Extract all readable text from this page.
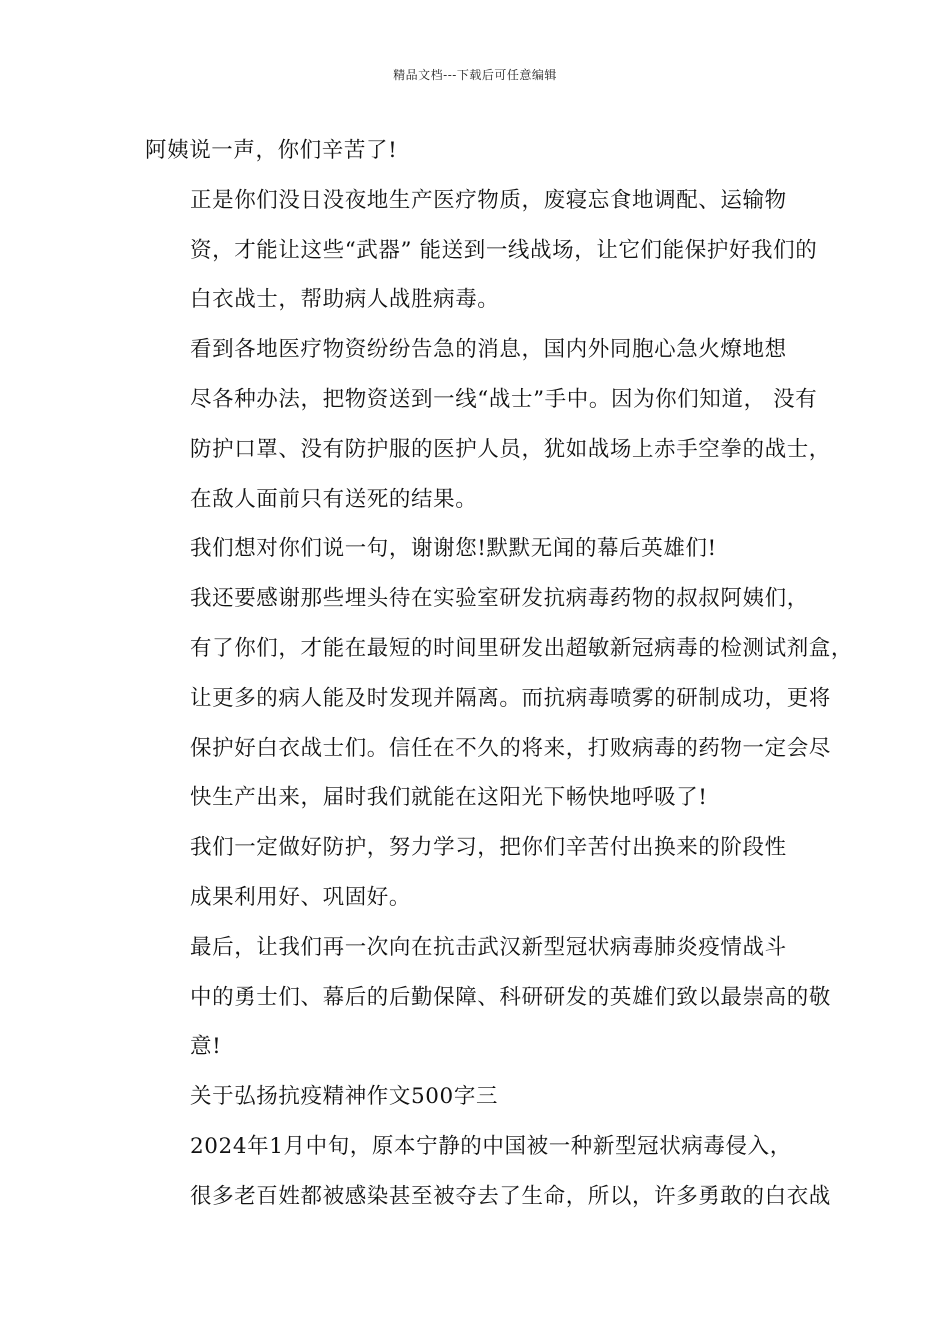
精品文档---下载后可任意编辑

阿姨说一声，你们辛苦了!

正是你们没日没夜地生产医疗物质，废寝忘食地调配、运输物
资，才能让这些“武器” 能送到一线战场，让它们能保护好我们的
白衣战士，帮助病人战胜病毒。

看到各地医疗物资纷纷告急的消息，国内外同胞心急火燎地想
尽各种办法，把物资送到一线“战士”手中。因为你们知道， 没有
防护口罩、没有防护服的医护人员，犹如战场上赤手空拳的战士，
在敌人面前只有送死的结果。

我们想对你们说一句，谢谢您!默默无闻的幕后英雄们!

我还要感谢那些埋头待在实验室研发抗病毒药物的叔叔阿姨们，
有了你们，才能在最短的时间里研发出超敏新冠病毒的检测试剂盒，
让更多的病人能及时发现并隔离。而抗病毒喷雾的研制成功，更将
保护好白衣战士们。信任在不久的将来，打败病毒的药物一定会尽
快生产出来，届时我们就能在这阳光下畅快地呼吸了!

我们一定做好防护，努力学习，把你们辛苦付出换来的阶段性
成果利用好、巩固好。

最后，让我们再一次向在抗击武汉新型冠状病毒肺炎疫情战斗
中的勇士们、幕后的后勤保障、科研研发的英雄们致以最崇高的敬
意!

关于弘扬抗疫精神作文500字三

2024年1月中旬，原本宁静的中国被一种新型冠状病毒侵入，
很多老百姓都被感染甚至被夺去了生命，所以，许多勇敢的白衣战
